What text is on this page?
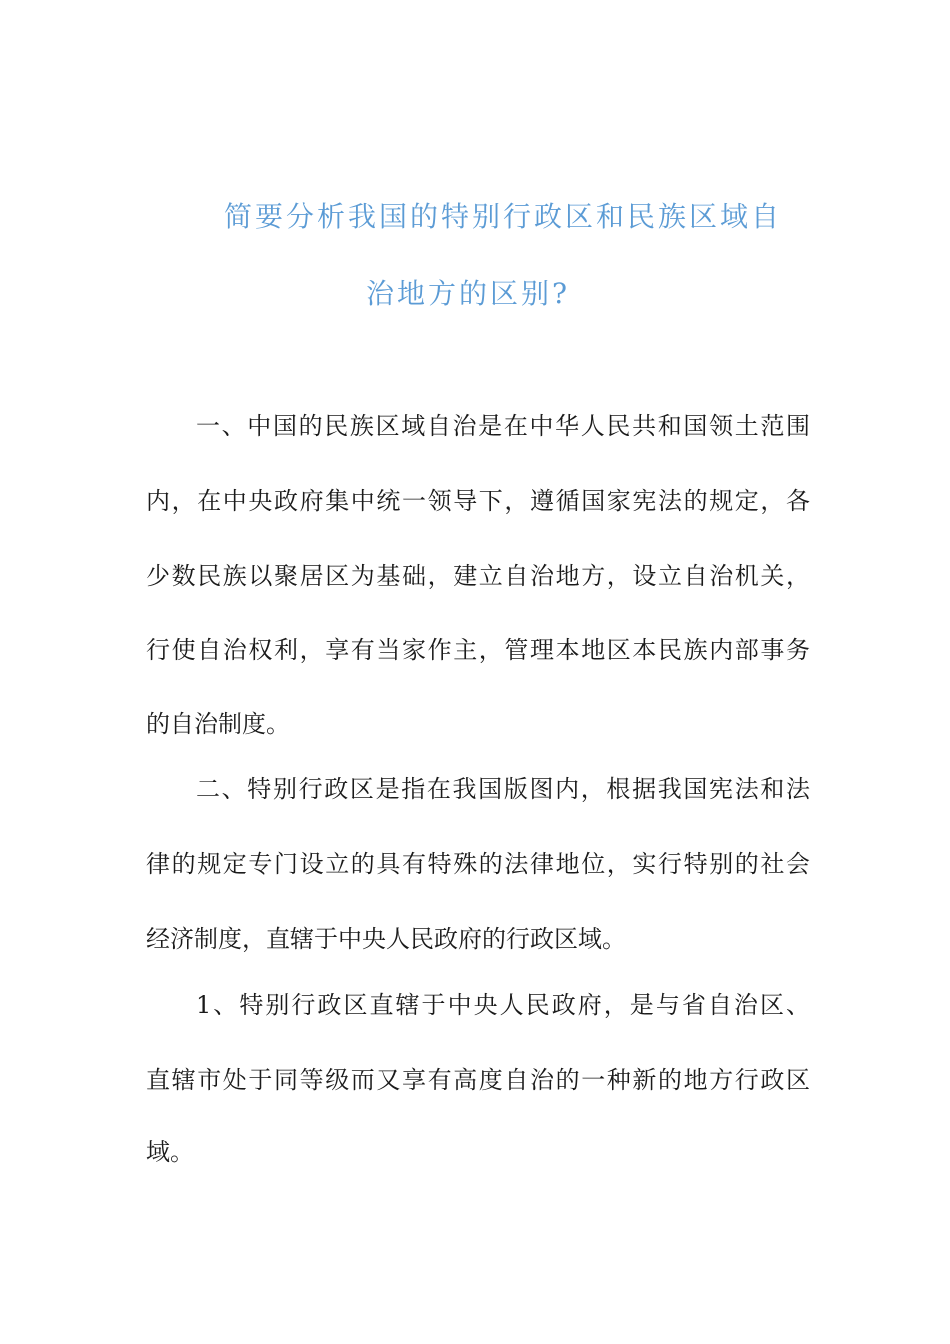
简要分析我国的特别行政区和民族区域自
治地方的区别?
一、中国的民族区域自治是在中华人民共和国领土范围
内，在中央政府集中统一领导下，遵循国家宪法的规定，各
少数民族以聚居区为基础，建立自治地方，设立自治机关，
行使自治权利，享有当家作主，管理本地区本民族内部事务
的自治制度。
二、特别行政区是指在我国版图内，根据我国宪法和法
律的规定专门设立的具有特殊的法律地位，实行特别的社会
经济制度，直辖于中央人民政府的行政区域。
1、特别行政区直辖于中央人民政府，是与省自治区、
直辖市处于同等级而又享有高度自治的一种新的地方行政区
域。
